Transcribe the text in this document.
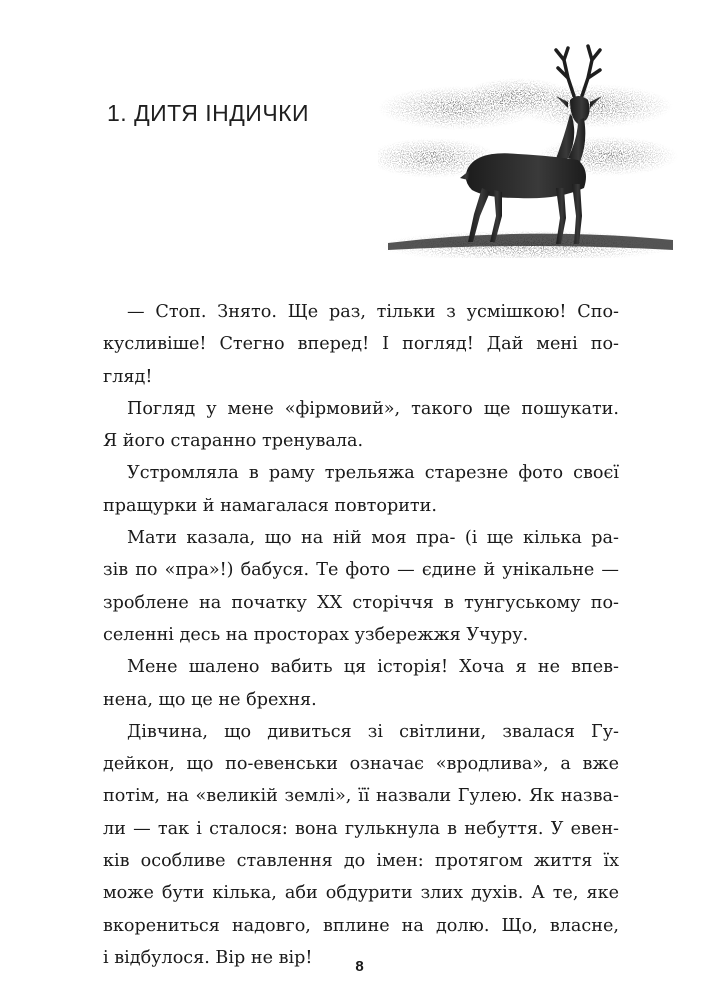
1. ДИТЯ ІНДИЧКИ
— Стоп. Знято. Ще раз, тільки з усмішкою! Спо-
кусливіше! Стегно вперед! І погляд! Дай мені по-
гляд!
Погляд у мене «фірмовий», такого ще пошукати.
Я його старанно тренувала.
Устромляла в раму трельяжа старезне фото своєї
пращурки й намагалася повторити.
Мати казала, що на ній моя пра- (і ще кілька ра-
зів по «пра»!) бабуся. Те фото — єдине й унікальне —
зроблене на початку XX сторіччя в тунгуському по-
селенні десь на просторах узбережжя Учуру.
Мене шалено вабить ця історія! Хоча я не впев-
нена, що це не брехня.
Дівчина, що дивиться зі світлини, звалася Гу-
дейкон, що по-евенськи означає «вродлива», а вже
потім, на «великій землі», її назвали Гулею. Як назва-
ли — так і сталося: вона гулькнула в небуття. У евен-
ків особливе ставлення до імен: протягом життя їх
може бути кілька, аби обдурити злих духів. А те, яке
вкорениться надовго, вплине на долю. Що, власне,
і відбулося. Вір не вір!	8
